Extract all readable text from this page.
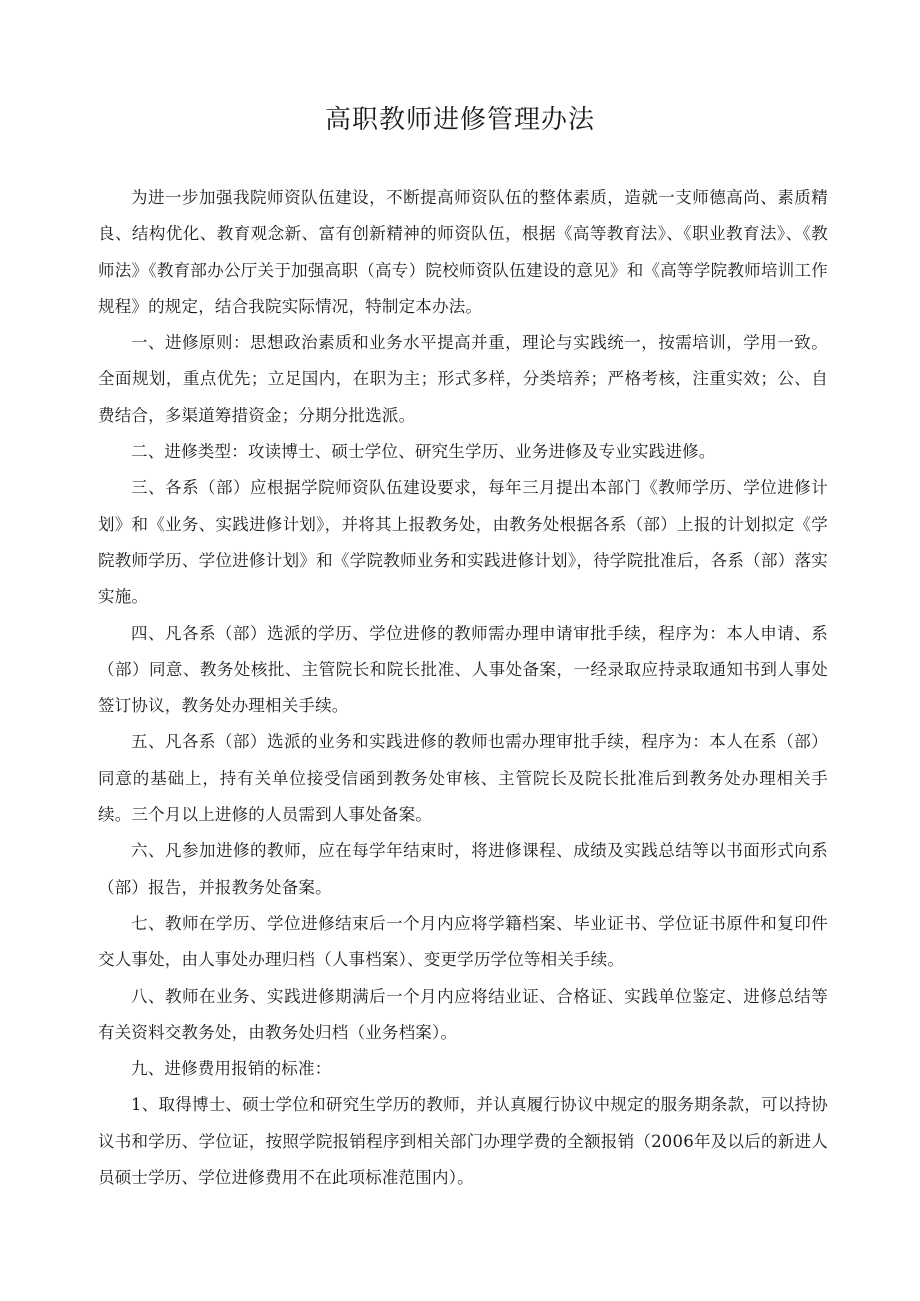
高职教师进修管理办法

为进一步加强我院师资队伍建设，不断提高师资队伍的整体素质，造就一支师德高尚、素质精良、结构优化、教育观念新、富有创新精神的师资队伍，根据《高等教育法》、《职业教育法》、《教师法》《教育部办公厅关于加强高职（高专）院校师资队伍建设的意见》和《高等学院教师培训工作规程》的规定，结合我院实际情况，特制定本办法。

一、进修原则：思想政治素质和业务水平提高并重，理论与实践统一，按需培训，学用一致。全面规划，重点优先；立足国内，在职为主；形式多样，分类培养；严格考核，注重实效；公、自费结合，多渠道筹措资金；分期分批选派。

二、进修类型：攻读博士、硕士学位、研究生学历、业务进修及专业实践进修。

三、各系（部）应根据学院师资队伍建设要求，每年三月提出本部门《教师学历、学位进修计划》和《业务、实践进修计划》，并将其上报教务处，由教务处根据各系（部）上报的计划拟定《学院教师学历、学位进修计划》和《学院教师业务和实践进修计划》，待学院批准后，各系（部）落实实施。

四、凡各系（部）选派的学历、学位进修的教师需办理申请审批手续，程序为：本人申请、系（部）同意、教务处核批、主管院长和院长批准、人事处备案，一经录取应持录取通知书到人事处签订协议，教务处办理相关手续。

五、凡各系（部）选派的业务和实践进修的教师也需办理审批手续，程序为：本人在系（部）同意的基础上，持有关单位接受信函到教务处审核、主管院长及院长批准后到教务处办理相关手续。三个月以上进修的人员需到人事处备案。

六、凡参加进修的教师，应在每学年结束时，将进修课程、成绩及实践总结等以书面形式向系（部）报告，并报教务处备案。

七、教师在学历、学位进修结束后一个月内应将学籍档案、毕业证书、学位证书原件和复印件交人事处，由人事处办理归档（人事档案）、变更学历学位等相关手续。

八、教师在业务、实践进修期满后一个月内应将结业证、合格证、实践单位鉴定、进修总结等有关资料交教务处，由教务处归档（业务档案）。

九、进修费用报销的标准：

1、取得博士、硕士学位和研究生学历的教师，并认真履行协议中规定的服务期条款，可以持协议书和学历、学位证，按照学院报销程序到相关部门办理学费的全额报销（2006年及以后的新进人员硕士学历、学位进修费用不在此项标准范围内）。
